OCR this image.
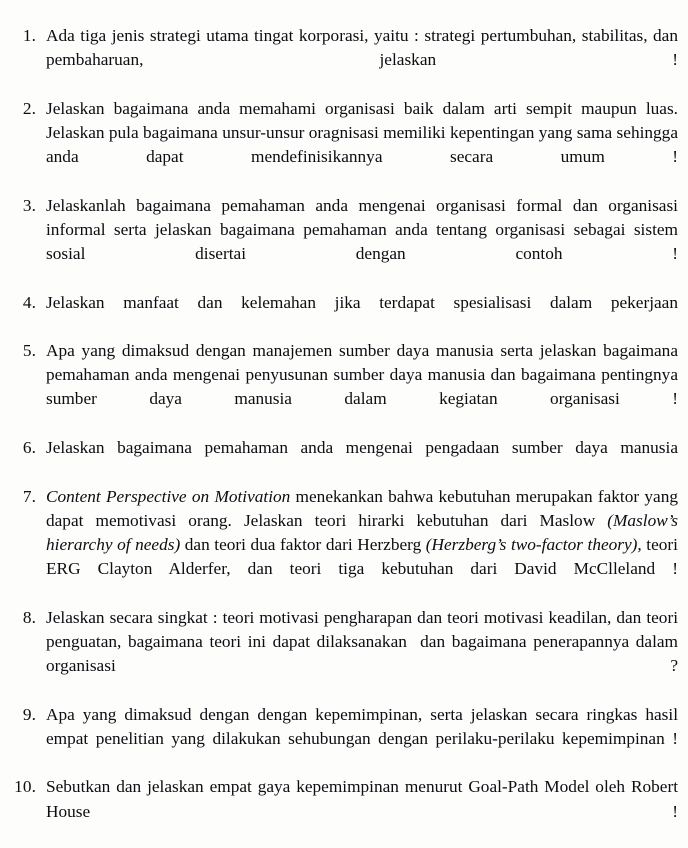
1. Ada tiga jenis strategi utama tingat korporasi, yaitu : strategi pertumbuhan, stabilitas, dan pembaharuan, jelaskan !
2. Jelaskan bagaimana anda memahami organisasi baik dalam arti sempit maupun luas. Jelaskan pula bagaimana unsur-unsur oragnisasi memiliki kepentingan yang sama sehingga anda dapat mendefinisikannya secara umum !
3. Jelaskanlah bagaimana pemahaman anda mengenai organisasi formal dan organisasi informal serta jelaskan bagaimana pemahaman anda tentang organisasi sebagai sistem sosial disertai dengan contoh !
4. Jelaskan manfaat dan kelemahan jika terdapat spesialisasi dalam pekerjaan
5. Apa yang dimaksud dengan manajemen sumber daya manusia serta jelaskan bagaimana pemahaman anda mengenai penyusunan sumber daya manusia dan bagaimana pentingnya sumber daya manusia dalam kegiatan organisasi !
6. Jelaskan bagaimana pemahaman anda mengenai pengadaan sumber daya manusia
7. Content Perspective on Motivation menekankan bahwa kebutuhan merupakan faktor yang dapat memotivasi orang. Jelaskan teori hirarki kebutuhan dari Maslow (Maslow’s hierarchy of needs) dan teori dua faktor dari Herzberg (Herzberg’s two-factor theory), teori ERG Clayton Alderfer, dan teori tiga kebutuhan dari David McClleland !
8. Jelaskan secara singkat : teori motivasi pengharapan dan teori motivasi keadilan, dan teori penguatan, bagaimana teori ini dapat dilaksanakan  dan bagaimana penerapannya dalam organisasi ?
9. Apa yang dimaksud dengan dengan kepemimpinan, serta jelaskan secara ringkas hasil empat penelitian yang dilakukan sehubungan dengan perilaku-perilaku kepemimpinan !
10. Sebutkan dan jelaskan empat gaya kepemimpinan menurut Goal-Path Model oleh Robert House !
